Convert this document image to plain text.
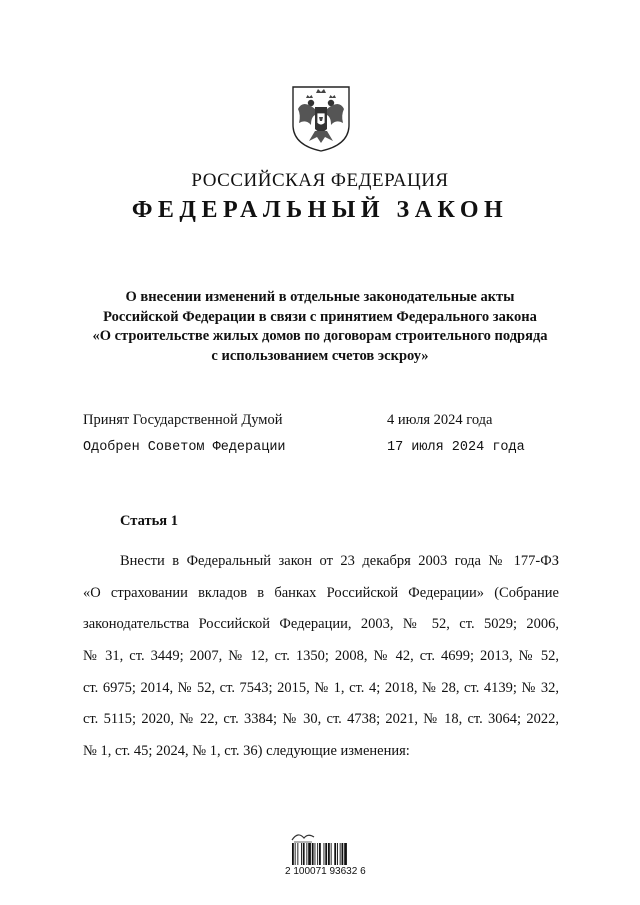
РОССИЙСКАЯ ФЕДЕРАЦИЯ
ФЕДЕРАЛЬНЫЙ ЗАКОН
О внесении изменений в отдельные законодательные акты
Российской Федерации в связи с принятием Федерального закона
«О строительстве жилых домов по договорам строительного подряда
с использованием счетов эскроу»
Принят Государственной Думой	4 июля 2024 года
Одобрен Советом Федерации	17 июля 2024 года
Статья 1
Внести в Федеральный закон от 23 декабря 2003 года № 177-ФЗ
«О страховании вкладов в банках Российской Федерации» (Собрание
законодательства Российской Федерации, 2003, № 52, ст. 5029; 2006,
№ 31, ст. 3449; 2007, № 12, ст. 1350; 2008, № 42, ст. 4699; 2013, № 52,
ст. 6975; 2014, № 52, ст. 7543; 2015, № 1, ст. 4; 2018, № 28, ст. 4139; № 32,
ст. 5115; 2020, № 22, ст. 3384; № 30, ст. 4738; 2021, № 18, ст. 3064; 2022,
№ 1, ст. 45; 2024, № 1, ст. 36) следующие изменения:
2 100071 93632 6
